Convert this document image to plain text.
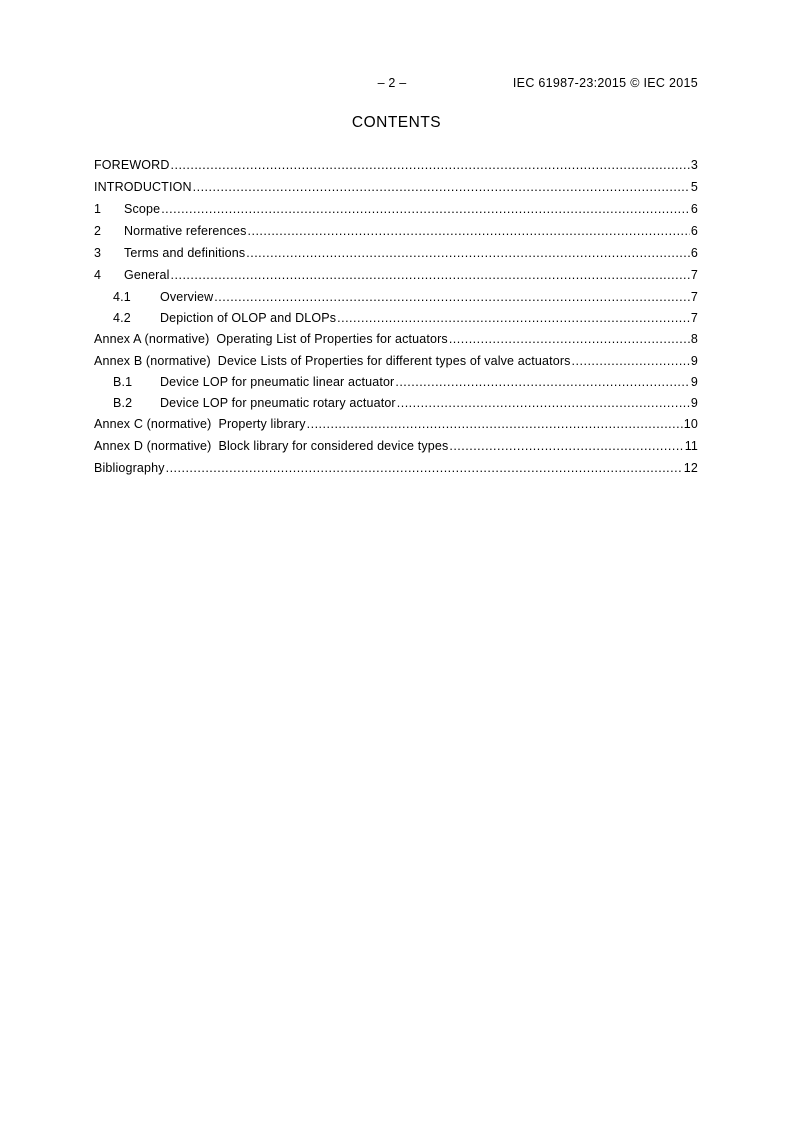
– 2 –	IEC 61987-23:2015 © IEC 2015
CONTENTS
FOREWORD .....	3
INTRODUCTION .....	5
1	Scope .....	6
2	Normative references .....	6
3	Terms and definitions .....	6
4	General .....	7
4.1	Overview .....	7
4.2	Depiction of OLOP and DLOPs .....	7
Annex A (normative) Operating List of Properties for actuators .....	8
Annex B (normative) Device Lists of Properties for different types of valve actuators .....	9
B.1	Device LOP for pneumatic linear actuator .....	9
B.2	Device LOP for pneumatic rotary actuator .....	9
Annex C (normative) Property library .....	10
Annex D (normative) Block library for considered device types .....	11
Bibliography .....	12
